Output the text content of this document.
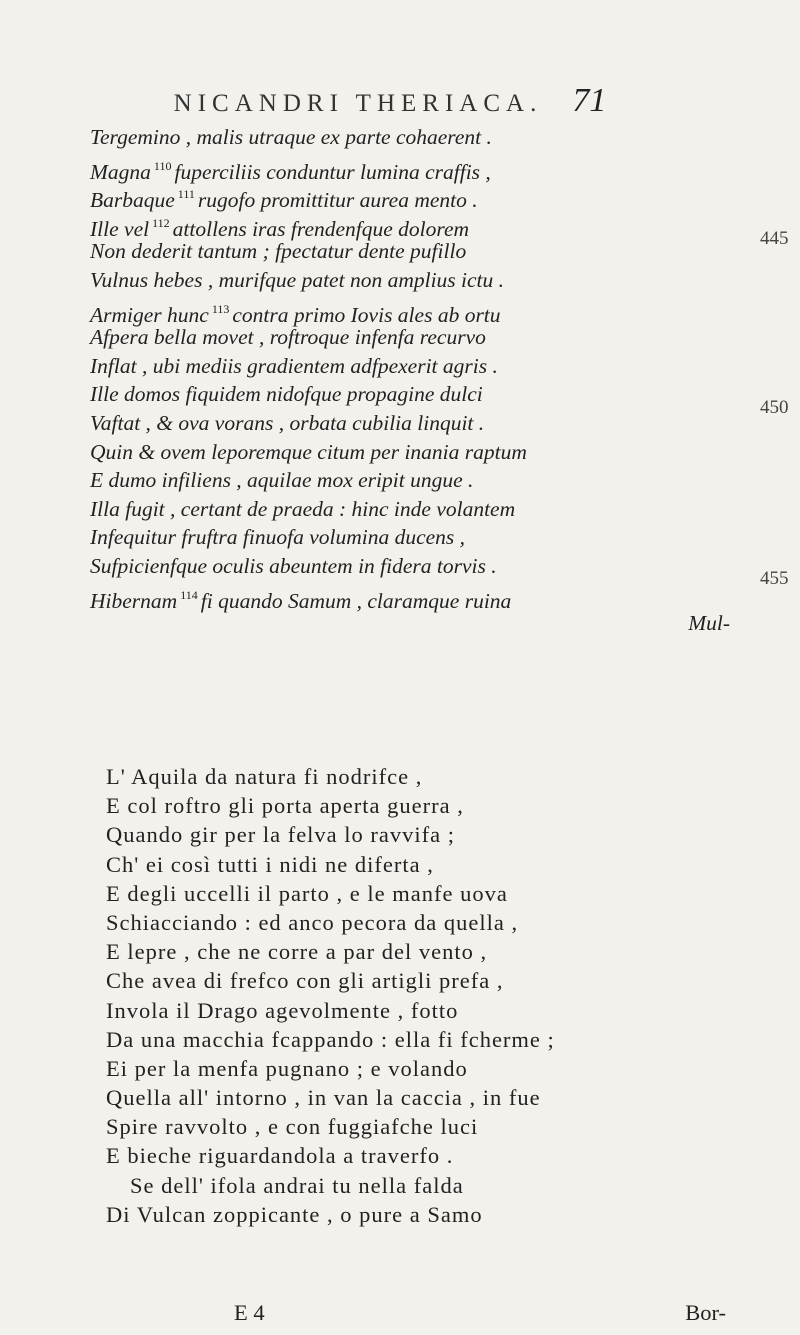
NICANDRI THERIACA. 71
Tergemino , malis utraque ex parte cohaerent .
Magna $^{110}$ fuperciliis conduntur lumina craffis ,
Barbaque $^{111}$ rugofo promittitur aurea mento .
Ille vel $^{112}$ attollens iras frendenfque dolorem
Non dederit tantum ; fpectatur dente pufillo
Vulnus hebes , murifque patet non amplius ictu .
Armiger hunc $^{113}$ contra primo Iovis ales ab ortu
Afpera bella movet , roftroque infenfa recurvo
Inflat , ubi mediis gradientem adfpexerit agris .
Ille domos fiquidem nidofque propagine dulci
Vaftat , & ova vorans , orbata cubilia linquit .
Quin & ovem leporemque citum per inania raptum
E dumo infiliens , aquilae mox eripit ungue .
Illa fugit , certant de praeda : hinc inde volantem
Infequitur fruftra finuofa volumina ducens ,
Sufpicienfque oculis abeuntem in fidera torvis .
Hibernam $^{114}$ fi quando Samum , claramque ruina
Mul-
445
450
455
L' Aquila da natura fi nodrifce ,
E col roftro gli porta aperta guerra ,
Quando gir per la felva lo ravvifa ;
Ch' ei così tutti i nidi ne diferta ,
E degli uccelli il parto , e le manfe uova
Schiacciando : ed anco pecora da quella ,
E lepre , che ne corre a par del vento ,
Che avea di frefco con gli artigli prefa ,
Invola il Drago agevolmente , fotto
Da una macchia fcappando : ella fi fcherme ;
Ei per la menfa pugnano ; e volando
Quella all' intorno , in van la caccia , in fue
Spire ravvolto , e con fuggiafche luci
E bieche riguardandola a traverfo .
Se dell' ifola andrai tu nella falda
Di Vulcan zoppicante , o pure a Samo
E 4	Bor-
